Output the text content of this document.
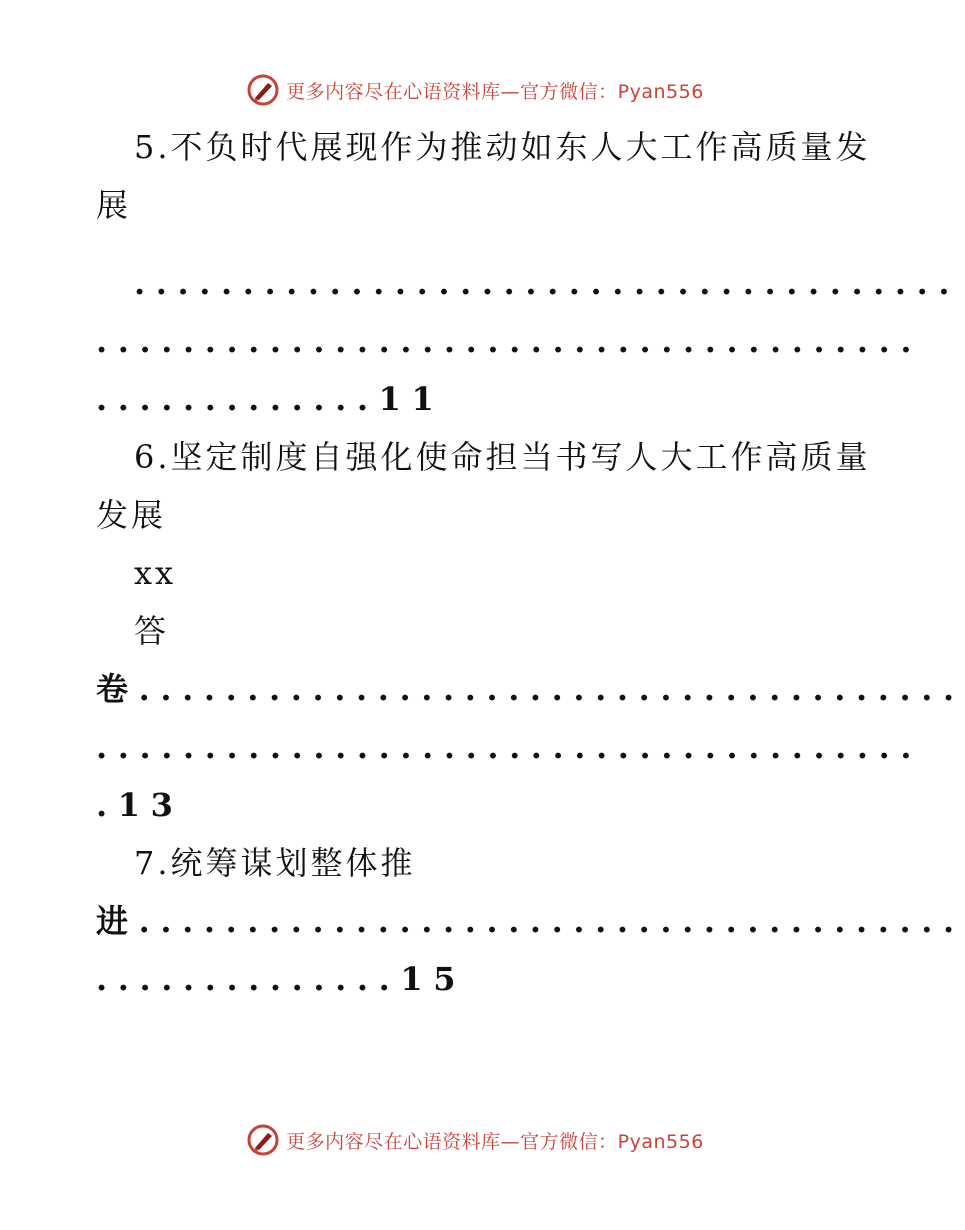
更多内容尽在心语资料库—官方微信：Pyan556
5.不负时代展现作为推动如东人大工作高质量发
展
......................................
......................................
.............11
6.坚定制度自强化使命担当书写人大工作高质量
发展
xx
答
卷......................................
......................................
.13
7.统筹谋划整体推
进......................................
..............15
更多内容尽在心语资料库—官方微信：Pyan556
